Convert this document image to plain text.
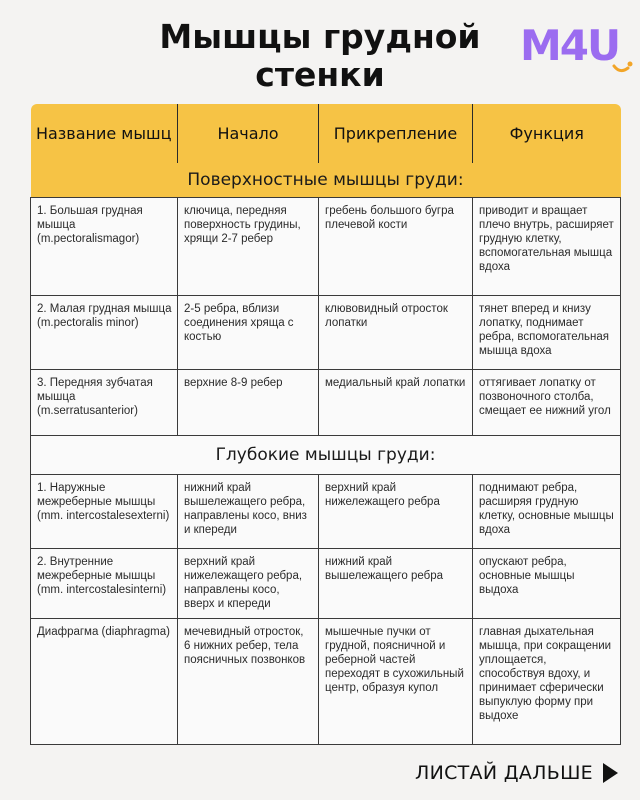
Мышцы грудной
стенки
M4U
Название мышц	Начало	Прикрепление	Функция
Поверхностные мышцы груди:			
1. Большая грудная мышца (m.pectoralismagor)	ключица, передняя поверхность грудины, хрящи 2-7 ребер	гребень большого бугра плечевой кости	приводит и вращает плечо внутрь, расширяет грудную клетку, вспомогательная мышца вдоха
2. Малая грудная мышца (m.pectoralis minor)	2-5 ребра, вблизи соединения хряща с костью	клювовидный отросток лопатки	тянет вперед и книзу лопатку, поднимает ребра, вспомогательная мышца вдоха
3. Передняя зубчатая мышца (m.serratusanterior)	верхние 8-9 ребер	медиальный край лопатки	оттягивает лопатку от позвоночного столба, смещает ее нижний угол
Глубокие мышцы груди:			
1. Наружные межреберные мышцы (mm. intercostalesexterni)	нижний край вышележащего ребра, направлены косо, вниз и кпереди	верхний край нижележащего ребра	поднимают ребра, расширяя грудную клетку, основные мышцы вдоха
2. Внутренние межреберные мышцы (mm. intercostalesinterni)	верхний край нижележащего ребра, направлены косо, вверх и кпереди	нижний край вышележащего ребра	опускают ребра, основные мышцы выдоха
Диафрагма (diaphragma)	мечевидный отросток, 6 нижних ребер, тела поясничных позвонков	мышечные пучки от грудной, поясничной и реберной частей переходят в сухожильный центр, образуя купол	главная дыхательная мышца, при сокращении уплощается, способствуя вдоху, и принимает сферически выпуклую форму при выдохе
ЛИСТАЙ ДАЛЬШЕ
